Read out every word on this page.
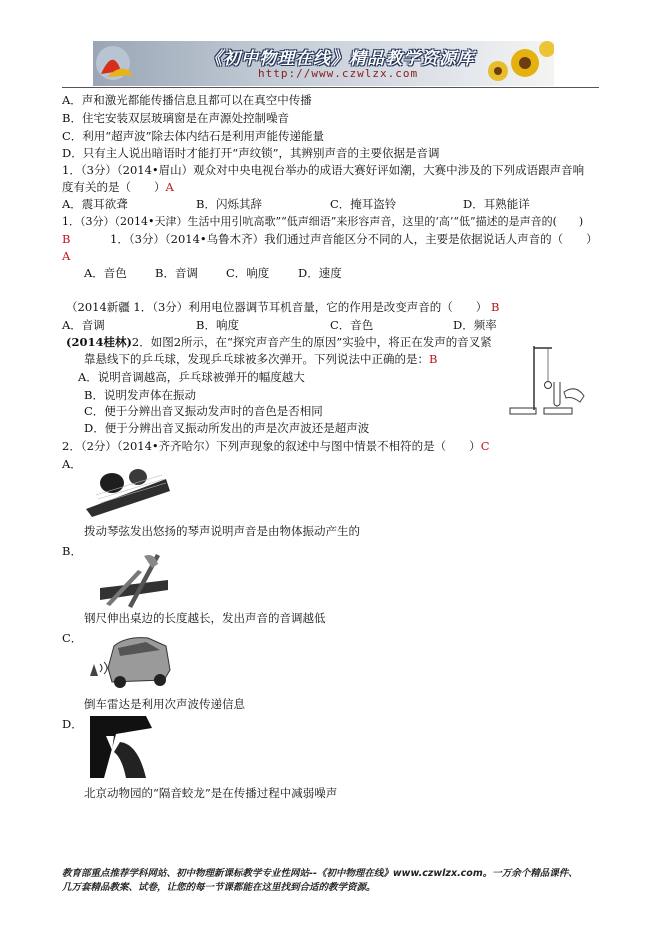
《初中物理在线》精品教学资源库
http://www.czwlzx.com
A．声和激光都能传播信息且都可以在真空中传播
B．住宅安装双层玻璃窗是在声源处控制噪音
C．利用“超声波”除去体内结石是利用声能传递能量
D．只有主人说出暗语时才能打开“声纹锁”，其辨别声音的主要依据是音调
1．（3分）（2014•眉山）观众对中央电视台举办的成语大赛好评如潮，大赛中涉及的下列成语跟声音响
度有关的是（　　）A
A．震耳欲聋	B．闪烁其辞	C．掩耳盗铃	D．耳熟能详
1．（3分）（2014•天津）生活中用引吭高歌”“低声细语”来形容声音，这里的‘高’“低”描述的是声音的(　　)
B	1．（3分）（2014•乌鲁木齐）我们通过声音能区分不同的人，主要是依据说话人声音的（　　）
A
A．音色 B．音调 C．响度 D．速度
（2014新疆 1．（3分）利用电位器调节耳机音量，它的作用是改变声音的（　　） B
A．音调	B．响度	C．音色	D．频率
(2014桂林)2．如图2所示，在“探究声音产生的原因”实验中，将正在发声的音叉紧
靠悬线下的乒乓球，发现乒乓球被多次弹开。下列说法中正确的是：B
A．说明音调越高，乒乓球被弹开的幅度越大
B．说明发声体在振动
C．便于分辨出音叉振动发声时的音色是否相同
D．便于分辨出音叉振动所发出的声是次声波还是超声波
2．（2分）（2014•齐齐哈尔）下列声现象的叙述中与图中情景不相符的是（　　）C
A．
拨动琴弦发出悠扬的琴声说明声音是由物体振动产生的
B．
钢尺伸出桌边的长度越长，发出声音的音调越低
C．
倒车雷达是利用次声波传递信息
D．
北京动物园的“隔音蛟龙”是在传播过程中减弱噪声
教育部重点推荐学科网站、初中物理新课标教学专业性网站--《初中物理在线》www.czwlzx.com。一万余个精品课件、
几万套精品教案、试卷，让您的每一节课都能在这里找到合适的教学资源。
